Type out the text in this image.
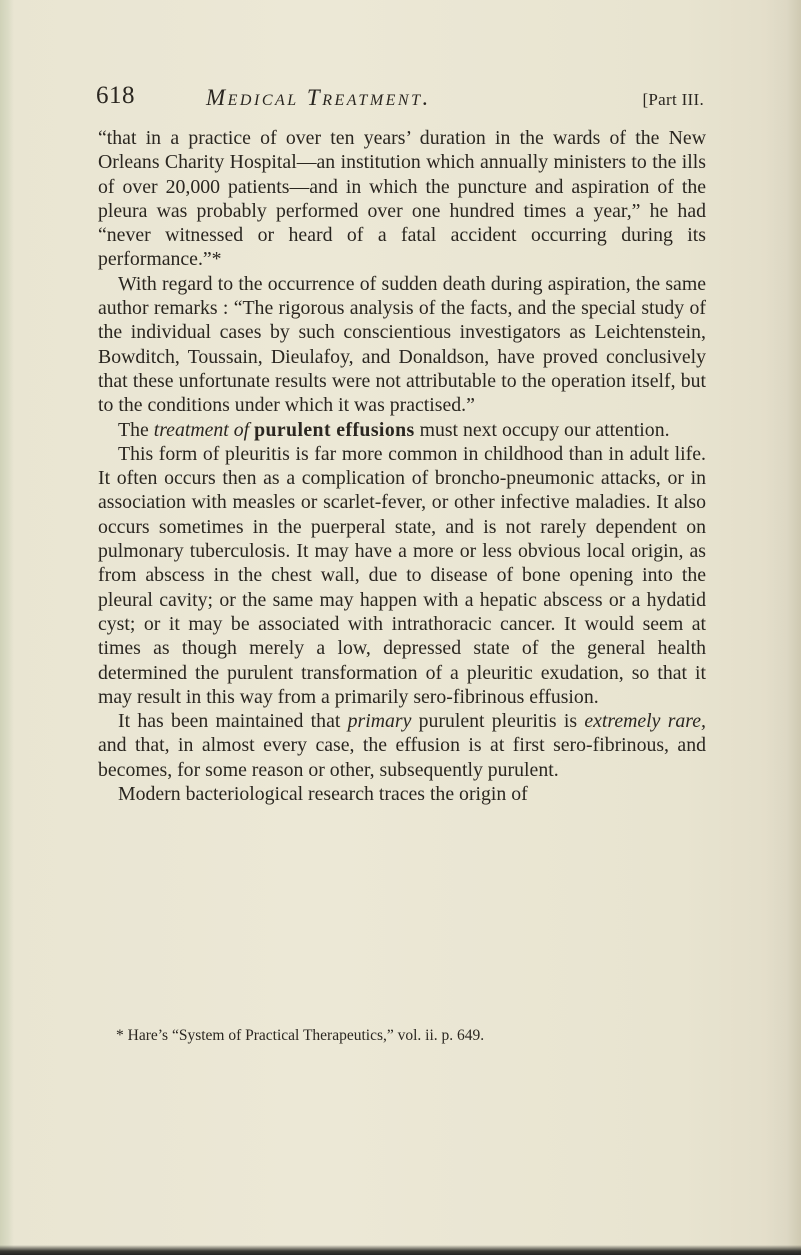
618	Medical Treatment.	[Part III.

“that in a practice of over ten years’ duration in the wards of the New Orleans Charity Hospital—an institution which annually ministers to the ills of over 20,000 patients—and in which the puncture and aspiration of the pleura was probably performed over one hundred times a year,” he had “never witnessed or heard of a fatal accident occurring during its performance.”*

With regard to the occurrence of sudden death during aspiration, the same author remarks : “The rigorous analysis of the facts, and the special study of the individual cases by such conscientious investigators as Leichtenstein, Bowditch, Toussain, Dieulafoy, and Donaldson, have proved conclusively that these unfortunate results were not attributable to the operation itself, but to the conditions under which it was practised.”

The treatment of purulent effusions must next occupy our attention.

This form of pleuritis is far more common in childhood than in adult life. It often occurs then as a complication of broncho-pneumonic attacks, or in association with measles or scarlet-fever, or other infective maladies. It also occurs sometimes in the puerperal state, and is not rarely dependent on pulmonary tuberculosis. It may have a more or less obvious local origin, as from abscess in the chest wall, due to disease of bone opening into the pleural cavity; or the same may happen with a hepatic abscess or a hydatid cyst; or it may be associated with intrathoracic cancer. It would seem at times as though merely a low, depressed state of the general health determined the purulent transformation of a pleuritic exudation, so that it may result in this way from a primarily sero-fibrinous effusion.

It has been maintained that primary purulent pleuritis is extremely rare, and that, in almost every case, the effusion is at first sero-fibrinous, and becomes, for some reason or other, subsequently purulent.

Modern bacteriological research traces the origin of

* Hare’s “System of Practical Therapeutics,” vol. ii. p. 649.
